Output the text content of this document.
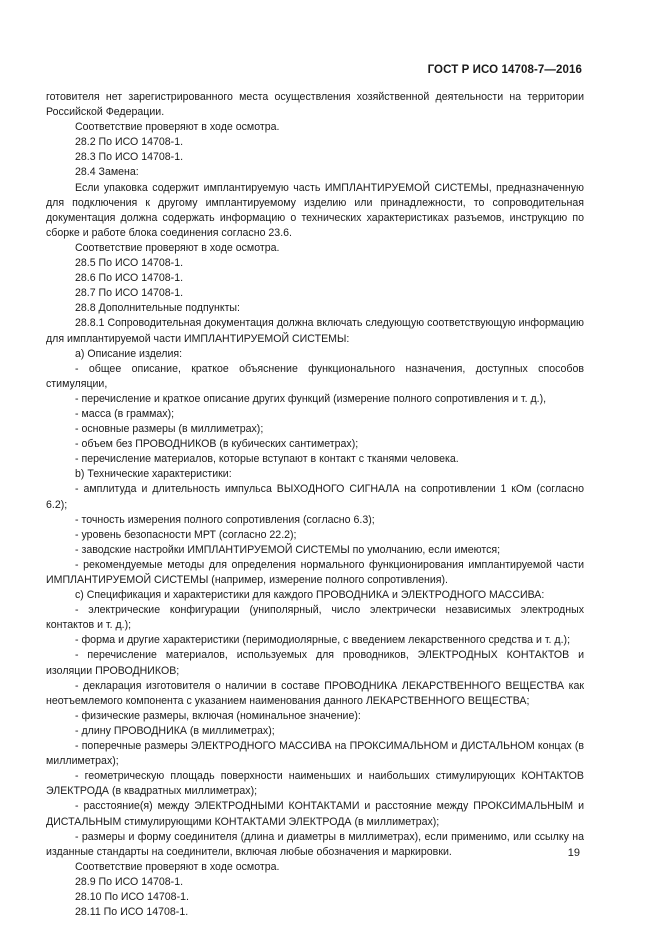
ГОСТ Р ИСО 14708-7—2016

готовителя нет зарегистрированного места осуществления хозяйственной деятельности на территории Российской Федерации.

Соответствие проверяют в ходе осмотра.

28.2 По ИСО 14708-1.

28.3 По ИСО 14708-1.

28.4 Замена:

Если упаковка содержит имплантируемую часть ИМПЛАНТИРУЕМОЙ СИСТЕМЫ, предназначенную для подключения к другому имплантируемому изделию или принадлежности, то сопроводительная документация должна содержать информацию о технических характеристиках разъемов, инструкцию по сборке и работе блока соединения согласно 23.6.

Соответствие проверяют в ходе осмотра.

28.5 По ИСО 14708-1.

28.6 По ИСО 14708-1.

28.7 По ИСО 14708-1.

28.8 Дополнительные подпункты:

28.8.1 Сопроводительная документация должна включать следующую соответствующую информацию для имплантируемой части ИМПЛАНТИРУЕМОЙ СИСТЕМЫ:

а) Описание изделия:

- общее описание, краткое объяснение функционального назначения, доступных способов стимуляции,

- перечисление и краткое описание других функций (измерение полного сопротивления и т. д.),

- масса (в граммах);

- основные размеры (в миллиметрах);

- объем без ПРОВОДНИКОВ (в кубических сантиметрах);

- перечисление материалов, которые вступают в контакт с тканями человека.

b) Технические характеристики:

- амплитуда и длительность импульса ВЫХОДНОГО СИГНАЛА на сопротивлении 1 кОм (согласно 6.2);

- точность измерения полного сопротивления (согласно 6.3);

- уровень безопасности МРТ (согласно 22.2);

- заводские настройки ИМПЛАНТИРУЕМОЙ СИСТЕМЫ по умолчанию, если имеются;

- рекомендуемые методы для определения нормального функционирования имплантируемой части ИМПЛАНТИРУЕМОЙ СИСТЕМЫ (например, измерение полного сопротивления).

с) Спецификация и характеристики для каждого ПРОВОДНИКА и ЭЛЕКТРОДНОГО МАССИВА:

- электрические конфигурации (униполярный, число электрически независимых электродных контактов и т. д.);

- форма и другие характеристики (перимодиолярные, с введением лекарственного средства и т. д.);

- перечисление материалов, используемых для проводников, ЭЛЕКТРОДНЫХ КОНТАКТОВ и изоляции ПРОВОДНИКОВ;

- декларация изготовителя о наличии в составе ПРОВОДНИКА ЛЕКАРСТВЕННОГО ВЕЩЕСТВА как неотъемлемого компонента с указанием наименования данного ЛЕКАРСТВЕННОГО ВЕЩЕСТВА;

- физические размеры, включая (номинальное значение):

- длину ПРОВОДНИКА (в миллиметрах);

- поперечные размеры ЭЛЕКТРОДНОГО МАССИВА на ПРОКСИМАЛЬНОМ и ДИСТАЛЬНОМ концах (в миллиметрах);

- геометрическую площадь поверхности наименьших и наибольших стимулирующих КОНТАКТОВ ЭЛЕКТРОДА (в квадратных миллиметрах);

- расстояние(я) между ЭЛЕКТРОДНЫМИ КОНТАКТАМИ и расстояние между ПРОКСИМАЛЬНЫМ и ДИСТАЛЬНЫМ стимулирующими КОНТАКТАМИ ЭЛЕКТРОДА (в миллиметрах);

- размеры и форму соединителя (длина и диаметры в миллиметрах), если применимо, или ссылку на изданные стандарты на соединители, включая любые обозначения и маркировки.

Соответствие проверяют в ходе осмотра.

28.9 По ИСО 14708-1.

28.10 По ИСО 14708-1.

28.11 По ИСО 14708-1.

19
